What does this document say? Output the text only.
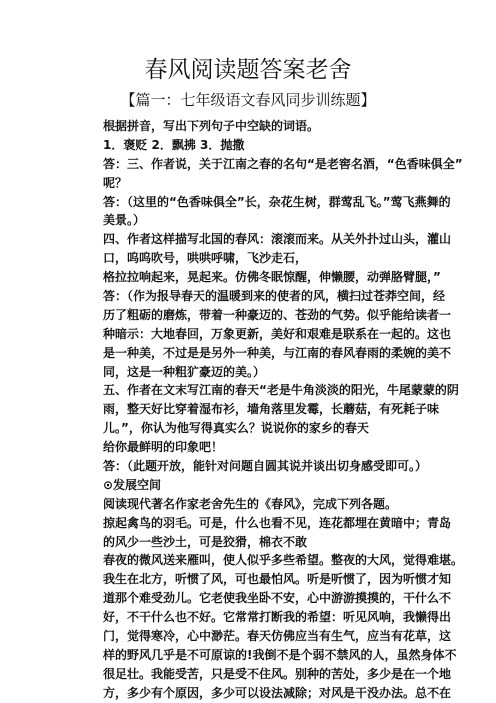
春风阅读题答案老舍
【篇一：七年级语文春风同步训练题】
根据拼音，写出下列句子中空缺的词语。
1．褒贬 2．飘拂 3．抛撒
答：三、作者说，关于江南之春的名句“是老窖名酒，“色香味俱全”
呢？
答：（这里的“色香味俱全”长，杂花生树，群莺乱飞。”莺飞燕舞的
美景。）
四、作者这样描写北国的春风：滚滚而来。从关外扑过山头，灌山
口，呜呜吹号，哄哄呼啸，飞沙走石，
格拉拉响起来，晃起来。仿佛冬眠惊醒，伸懒腰，动弹胳臂腿，”
答：（作为报导春天的温暖到来的使者的风，横扫过苍莽空间，经
历了粗砺的磨炼，带着一种豪迈的、苍劲的气势。似乎能给读者一
种暗示：大地春回，万象更新，美好和艰难是联系在一起的。这也
是一种美，不过是是另外一种美，与江南的春风春雨的柔婉的美不
同，这是一种粗犷豪迈的美。）
五、作者在文末写江南的春天“老是牛角淡淡的阳光，牛尾蒙蒙的阴
雨，整天好比穿着湿布衫，墙角落里发霉，长蘑菇，有死耗子味
儿。”，你认为他写得真实么？说说你的家乡的春天
给你最鲜明的印象吧！
答：（此题开放，能针对问题自圆其说并谈出切身感受即可。）
⊙发展空间
阅读现代著名作家老舍先生的《春风》，完成下列各题。
掠起禽鸟的羽毛。可是，什么也看不见，连花都埋在黄暗中；青岛
的风少一些沙土，可是狡猾，棉衣不敢
春夜的微风送来雁叫，使人似乎多些希望。整夜的大风，觉得难堪。
我生在北方，听惯了风，可也最怕风。听是听惯了，因为听惯才知
道那个难受劲儿。它老使我坐卧不安，心中游游摸摸的，干什么不
好，不干什么也不好。它常常打断我的希望：听见风响，我懒得出
门，觉得寒冷，心中渺茫。春天仿佛应当有生气，应当有花草，这
样的野风几乎是不可原谅的!我倒不是个弱不禁风的人，虽然身体不
很足壮。我能受苦，只是受不住风。别种的苦处，多少是在一个地
方，多少有个原因，多少可以设法减除；对风是干没办法。总不在
